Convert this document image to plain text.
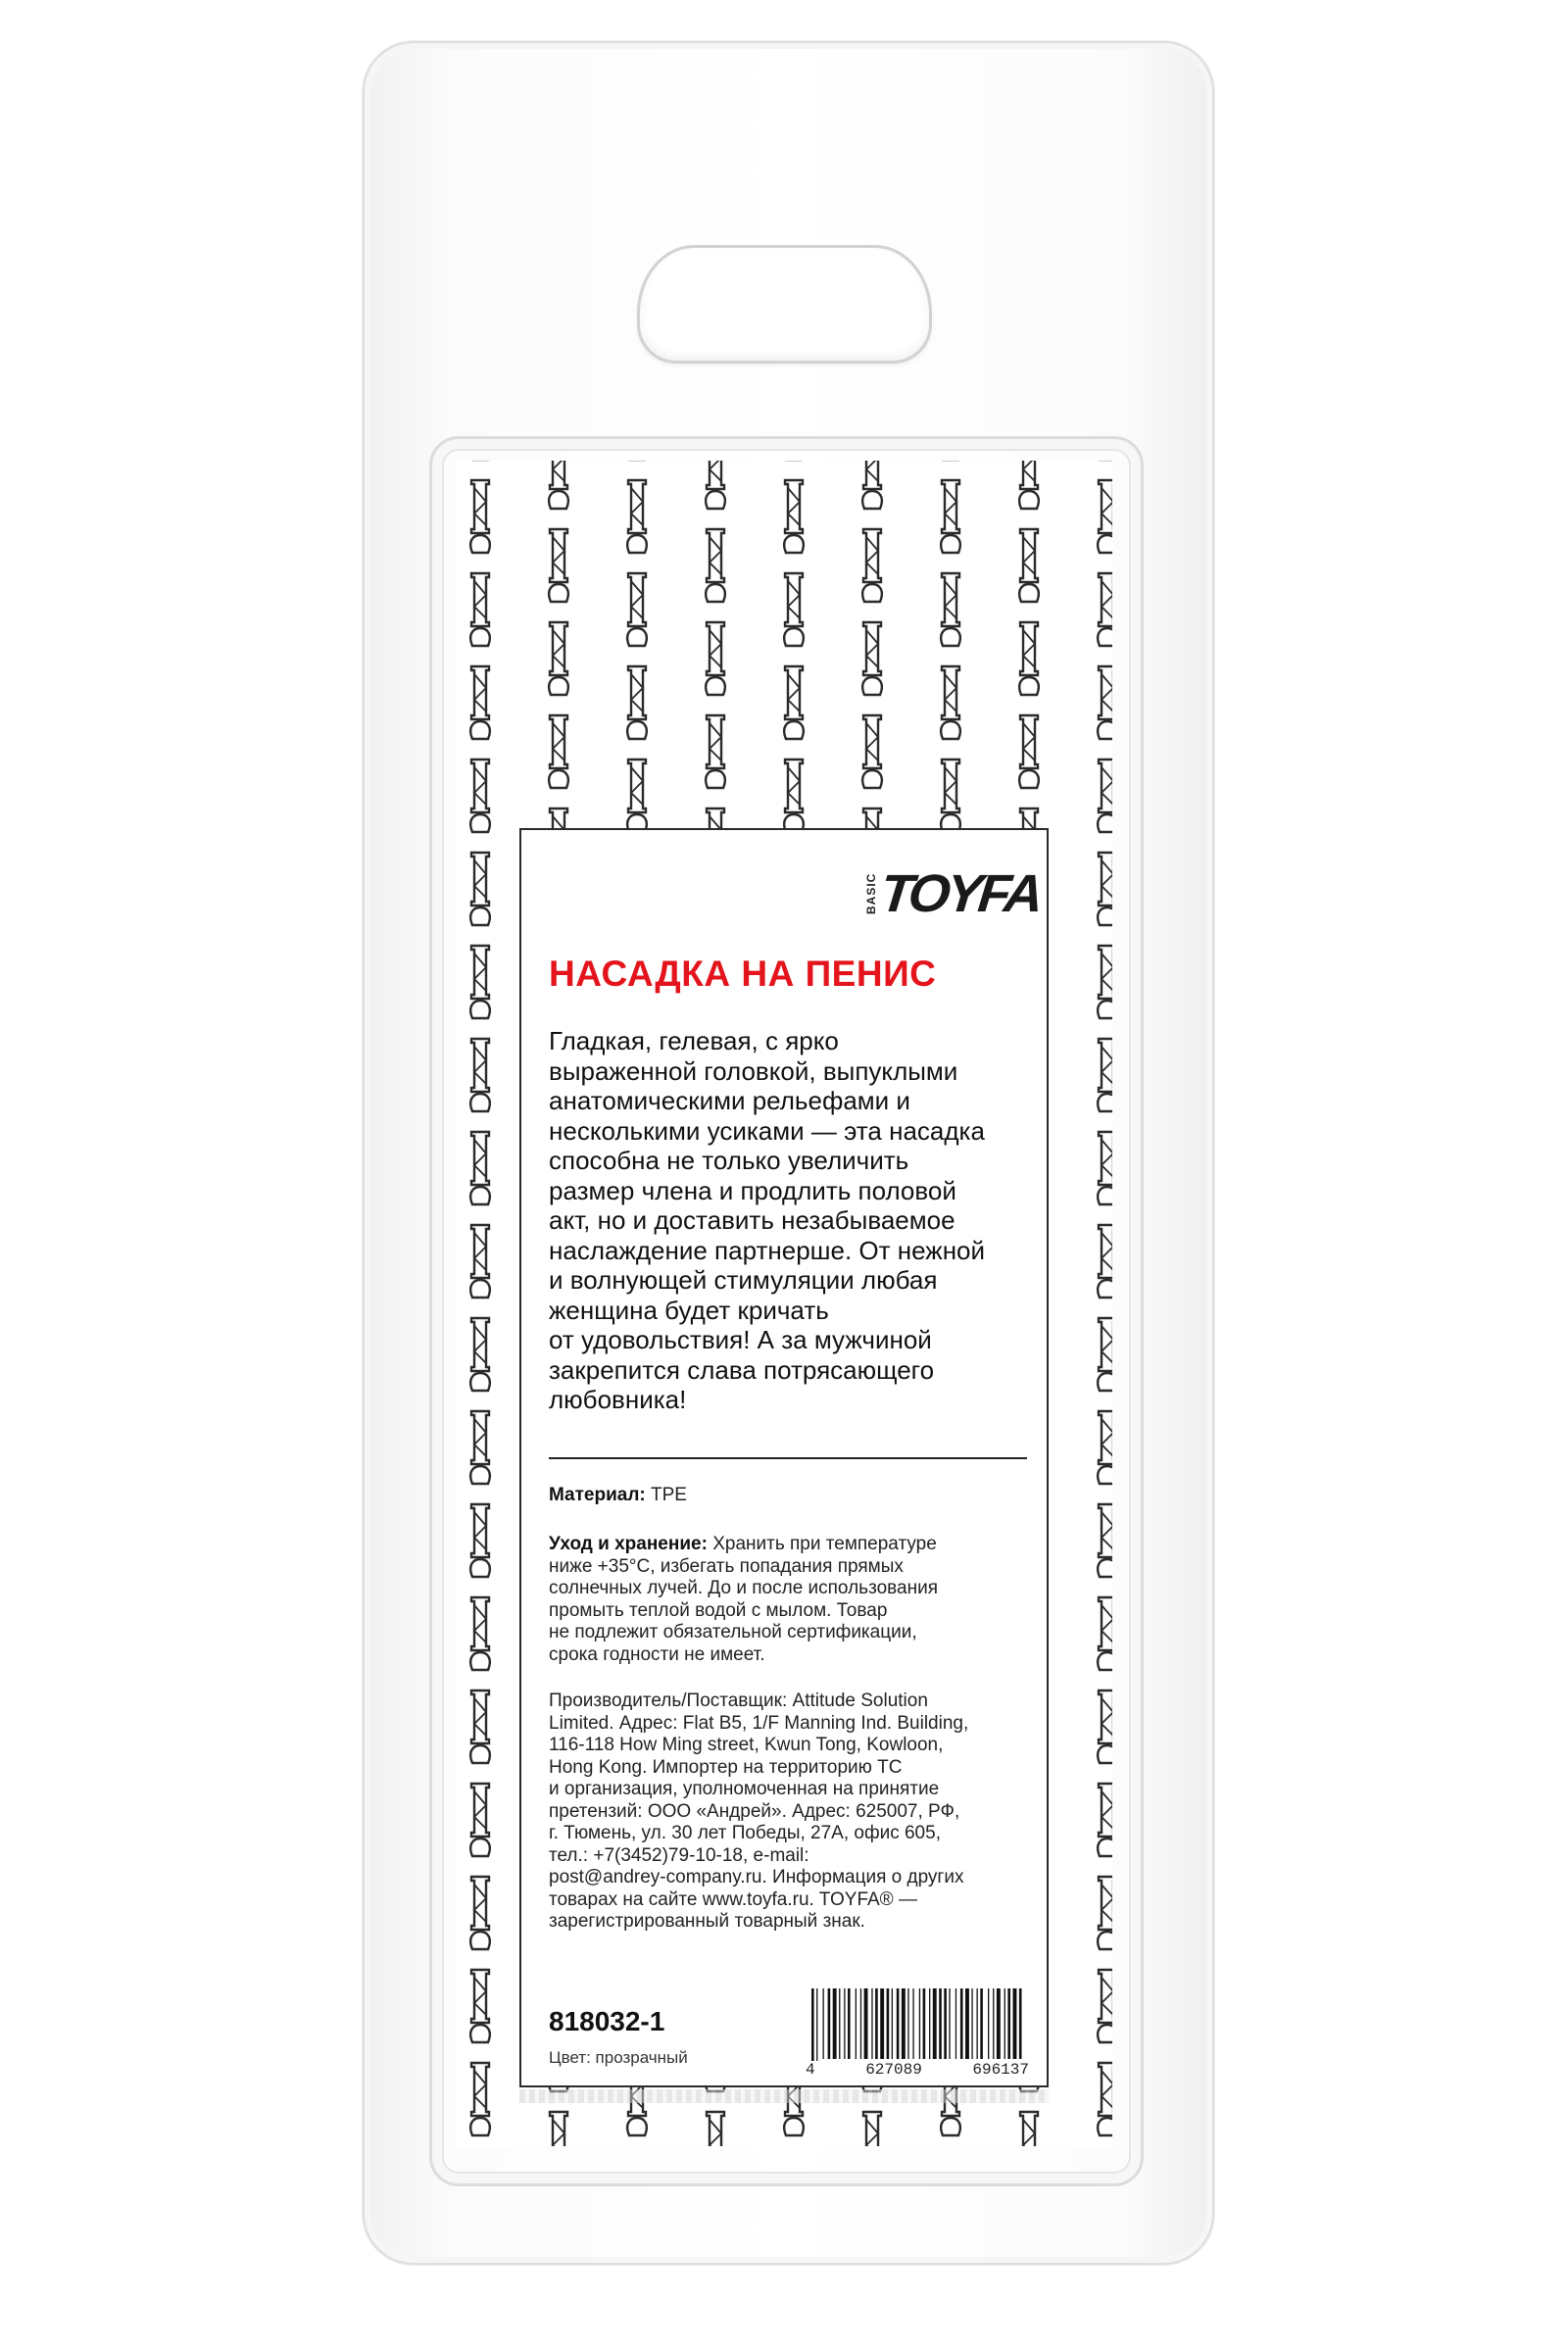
BASIC TOYFA
НАСАДКА НА ПЕНИС
Гладкая, гелевая, с ярко
выраженной головкой, выпуклыми
анатомическими рельефами и
несколькими усиками — эта насадка
способна не только увеличить
размер члена и продлить половой
акт, но и доставить незабываемое
наслаждение партнерше. От нежной
и волнующей стимуляции любая
женщина будет кричать
от удовольствия! А за мужчиной
закрепится слава потрясающего
любовника!
Материал: TPE
Уход и хранение: Хранить при температуре
ниже +35°С, избегать попадания прямых
солнечных лучей. До и после использования
промыть теплой водой с мылом. Товар
не подлежит обязательной сертификации,
срока годности не имеет.
Производитель/Поставщик: Attitude Solution
Limited. Адрес: Flat B5, 1/F Manning Ind. Building,
116-118 How Ming street, Kwun Tong, Kowloon,
Hong Kong. Импортер на территорию ТС
и организация, уполномоченная на принятие
претензий: ООО «Андрей». Адрес: 625007, РФ,
г. Тюмень, ул. 30 лет Победы, 27А, офис 605,
тел.: +7(3452)79-10-18, e-mail:
post@andrey-company.ru. Информация о других
товарах на сайте www.toyfa.ru. TOYFA® —
зарегистрированный товарный знак.
818032-1
Цвет: прозрачный
4	627089	696137
